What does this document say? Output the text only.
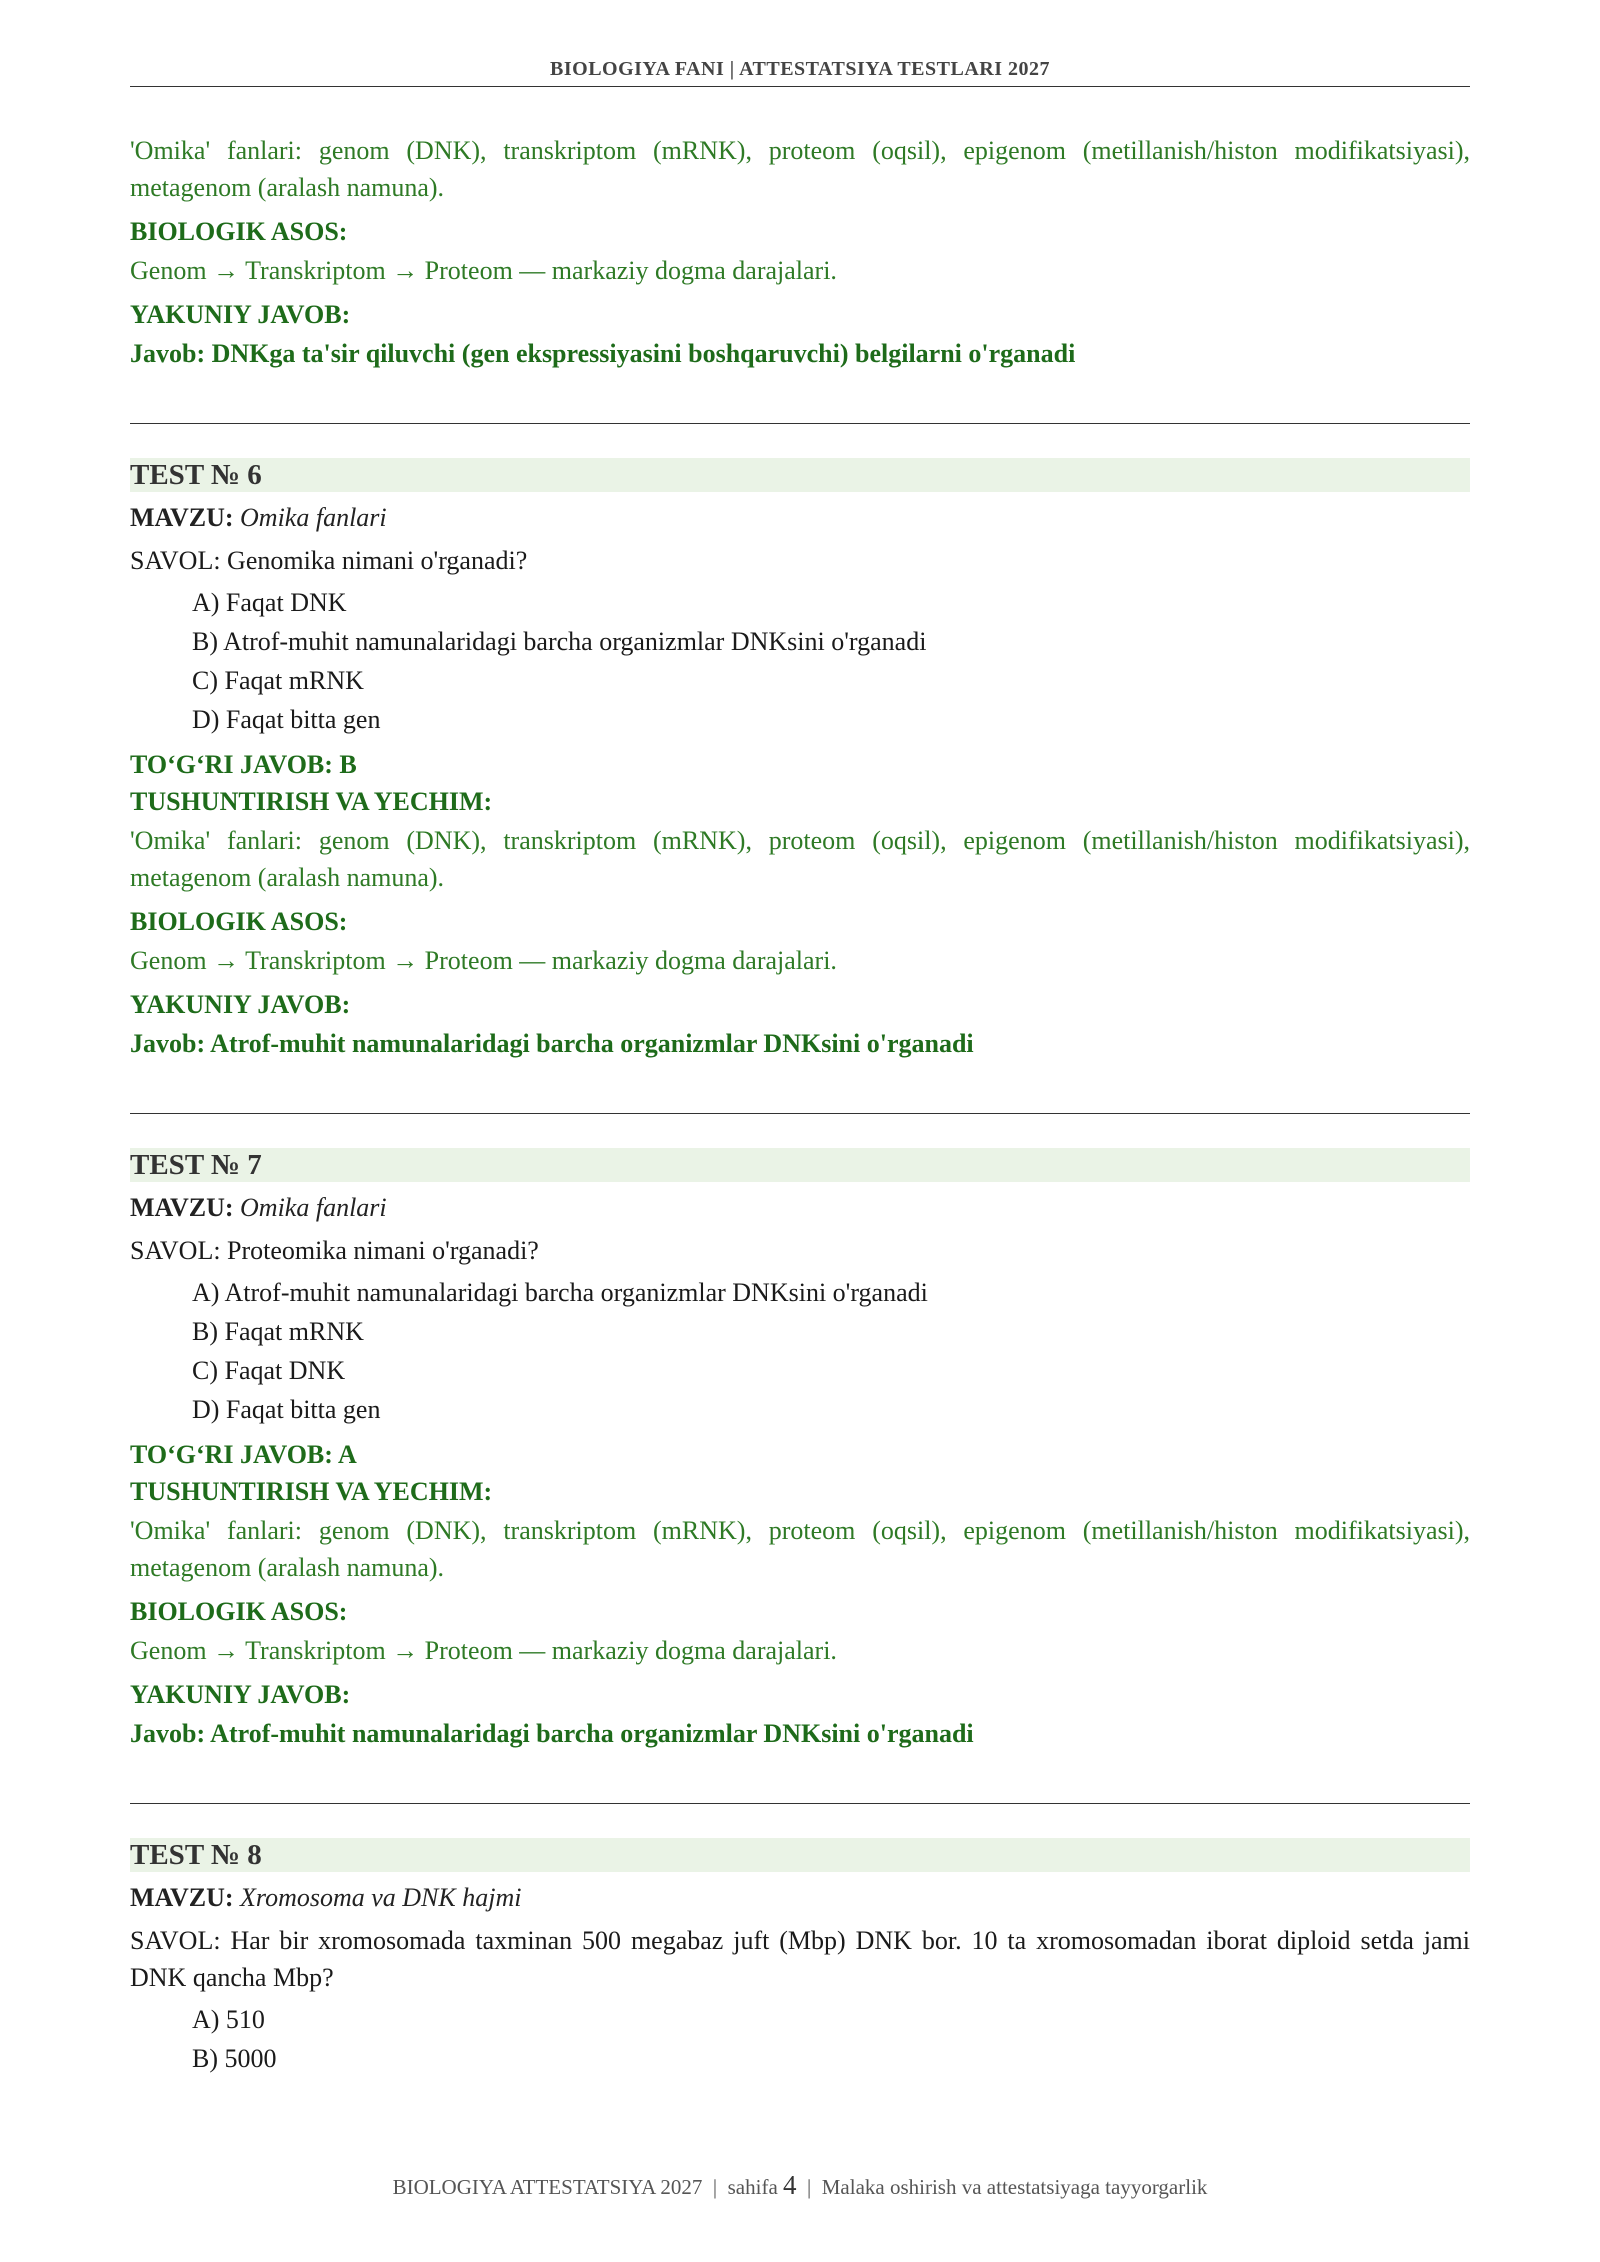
BIOLOGIYA FANI | ATTESTATSIYA TESTLARI 2027

'Omika' fanlari: genom (DNK), transkriptom (mRNK), proteom (oqsil), epigenom (metillanish/histon modifikatsiyasi), metagenom (aralash namuna).

BIOLOGIK ASOS:

Genom → Transkriptom → Proteom — markaziy dogma darajalari.

YAKUNIY JAVOB:

Javob: DNKga ta'sir qiluvchi (gen ekspressiyasini boshqaruvchi) belgilarni o'rganadi

TEST № 6
MAVZU: Omika fanlari
SAVOL: Genomika nimani o'rganadi?
A) Faqat DNK
B) Atrof-muhit namunalaridagi barcha organizmlar DNKsini o'rganadi
C) Faqat mRNK
D) Faqat bitta gen
TO‘G‘RI JAVOB: B
TUSHUNTIRISH VA YECHIM:

'Omika' fanlari: genom (DNK), transkriptom (mRNK), proteom (oqsil), epigenom (metillanish/histon modifikatsiyasi), metagenom (aralash namuna).

BIOLOGIK ASOS:

Genom → Transkriptom → Proteom — markaziy dogma darajalari.

YAKUNIY JAVOB:

Javob: Atrof-muhit namunalaridagi barcha organizmlar DNKsini o'rganadi

TEST № 7
MAVZU: Omika fanlari
SAVOL: Proteomika nimani o'rganadi?
A) Atrof-muhit namunalaridagi barcha organizmlar DNKsini o'rganadi
B) Faqat mRNK
C) Faqat DNK
D) Faqat bitta gen
TO‘G‘RI JAVOB: A
TUSHUNTIRISH VA YECHIM:

'Omika' fanlari: genom (DNK), transkriptom (mRNK), proteom (oqsil), epigenom (metillanish/histon modifikatsiyasi), metagenom (aralash namuna).

BIOLOGIK ASOS:

Genom → Transkriptom → Proteom — markaziy dogma darajalari.

YAKUNIY JAVOB:

Javob: Atrof-muhit namunalaridagi barcha organizmlar DNKsini o'rganadi

TEST № 8
MAVZU: Xromosoma va DNK hajmi
SAVOL: Har bir xromosomada taxminan 500 megabaz juft (Mbp) DNK bor. 10 ta xromosomadan iborat diploid setda jami DNK qancha Mbp?
A) 510
B) 5000
BIOLOGIYA ATTESTATSIYA 2027 | sahifa 4 | Malaka oshirish va attestatsiyaga tayyorgarlik
